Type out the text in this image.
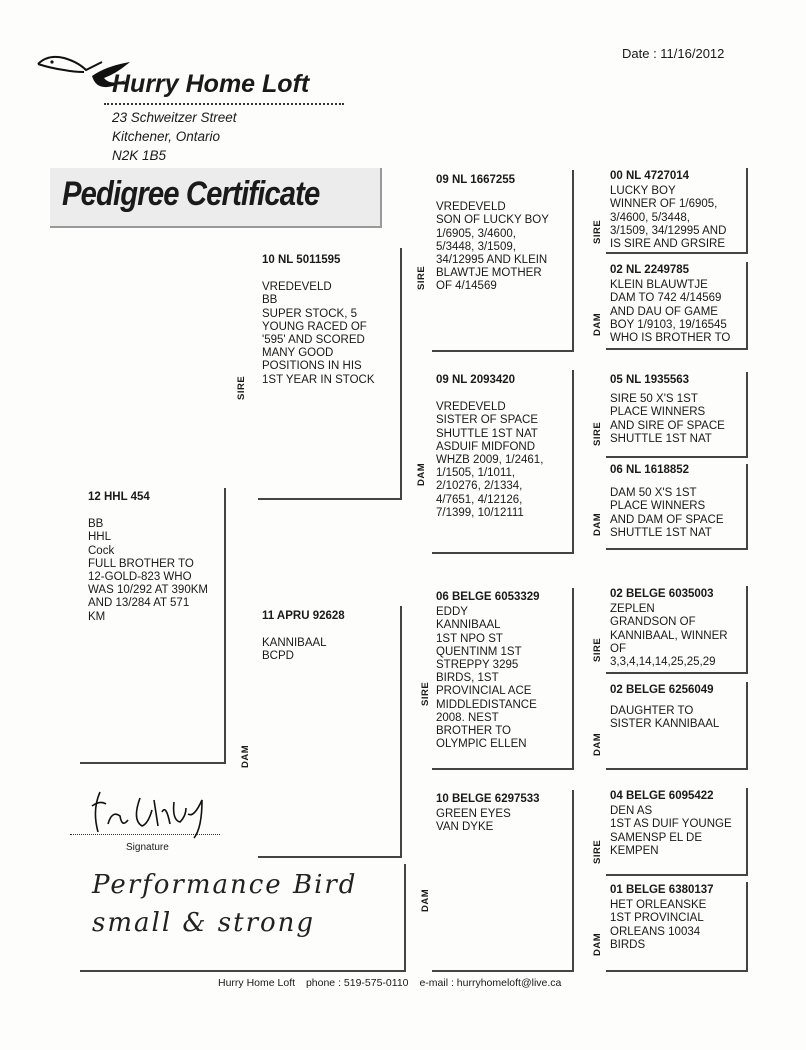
Date : 11/16/2012
Hurry Home Loft
23 Schweitzer Street
Kitchener, Ontario
N2K 1B5
Pedigree Certificate
12 HHL 454
BB
HHL
Cock
FULL BROTHER TO
12-GOLD-823 WHO
WAS 10/292 AT 390KM
AND 13/284 AT 571
KM
10 NL 5011595
VREDEVELD
BB
SUPER STOCK, 5
YOUNG RACED OF
'595' AND SCORED
MANY GOOD
POSITIONS IN HIS
1ST YEAR IN STOCK
SIRE
11 APRU 92628
KANNIBAAL
BCPD
DAM
09 NL 1667255
VREDEVELD
SON OF LUCKY BOY
1/6905, 3/4600,
5/3448, 3/1509,
34/12995 AND KLEIN
BLAWTJE MOTHER
OF 4/14569
SIRE
09 NL 2093420
VREDEVELD
SISTER OF SPACE
SHUTTLE 1ST NAT
ASDUIF MIDFOND
WHZB 2009, 1/2461,
1/1505, 1/1011,
2/10276, 2/1334,
4/7651, 4/12126,
7/1399, 10/12111
DAM
06 BELGE 6053329
EDDY
KANNIBAAL
1ST NPO ST
QUENTINM 1ST
STREPPY 3295
BIRDS, 1ST
PROVINCIAL ACE
MIDDLEDISTANCE
2008. NEST
BROTHER TO
OLYMPIC ELLEN
SIRE
10 BELGE 6297533
GREEN EYES
VAN DYKE
DAM
00 NL 4727014
LUCKY BOY
WINNER OF 1/6905,
3/4600, 5/3448,
3/1509, 34/12995 AND
IS SIRE AND GRSIRE
SIRE
02 NL 2249785
KLEIN BLAUWTJE
DAM TO 742 4/14569
AND DAU OF GAME
BOY 1/9103, 19/16545
WHO IS BROTHER TO
DAM
05 NL 1935563
SIRE 50 X'S 1ST
PLACE WINNERS
AND SIRE OF SPACE
SHUTTLE 1ST NAT
SIRE
06 NL 1618852
DAM 50 X'S 1ST
PLACE WINNERS
AND DAM OF SPACE
SHUTTLE 1ST NAT
DAM
02 BELGE 6035003
ZEPLEN
GRANDSON OF
KANNIBAAL, WINNER
OF
3,3,4,14,14,25,25,29
SIRE
02 BELGE 6256049
DAUGHTER TO
SISTER KANNIBAAL
DAM
04 BELGE 6095422
DEN AS
1ST AS DUIF YOUNGE
SAMENSP EL DE
KEMPEN
SIRE
01 BELGE 6380137
HET ORLEANSKE
1ST PROVINCIAL
ORLEANS 10034
BIRDS
DAM
Signature
Performance Bird
small & strong
Hurry Home Loft phone : 519-575-0110 e-mail : hurryhomeloft@live.ca
